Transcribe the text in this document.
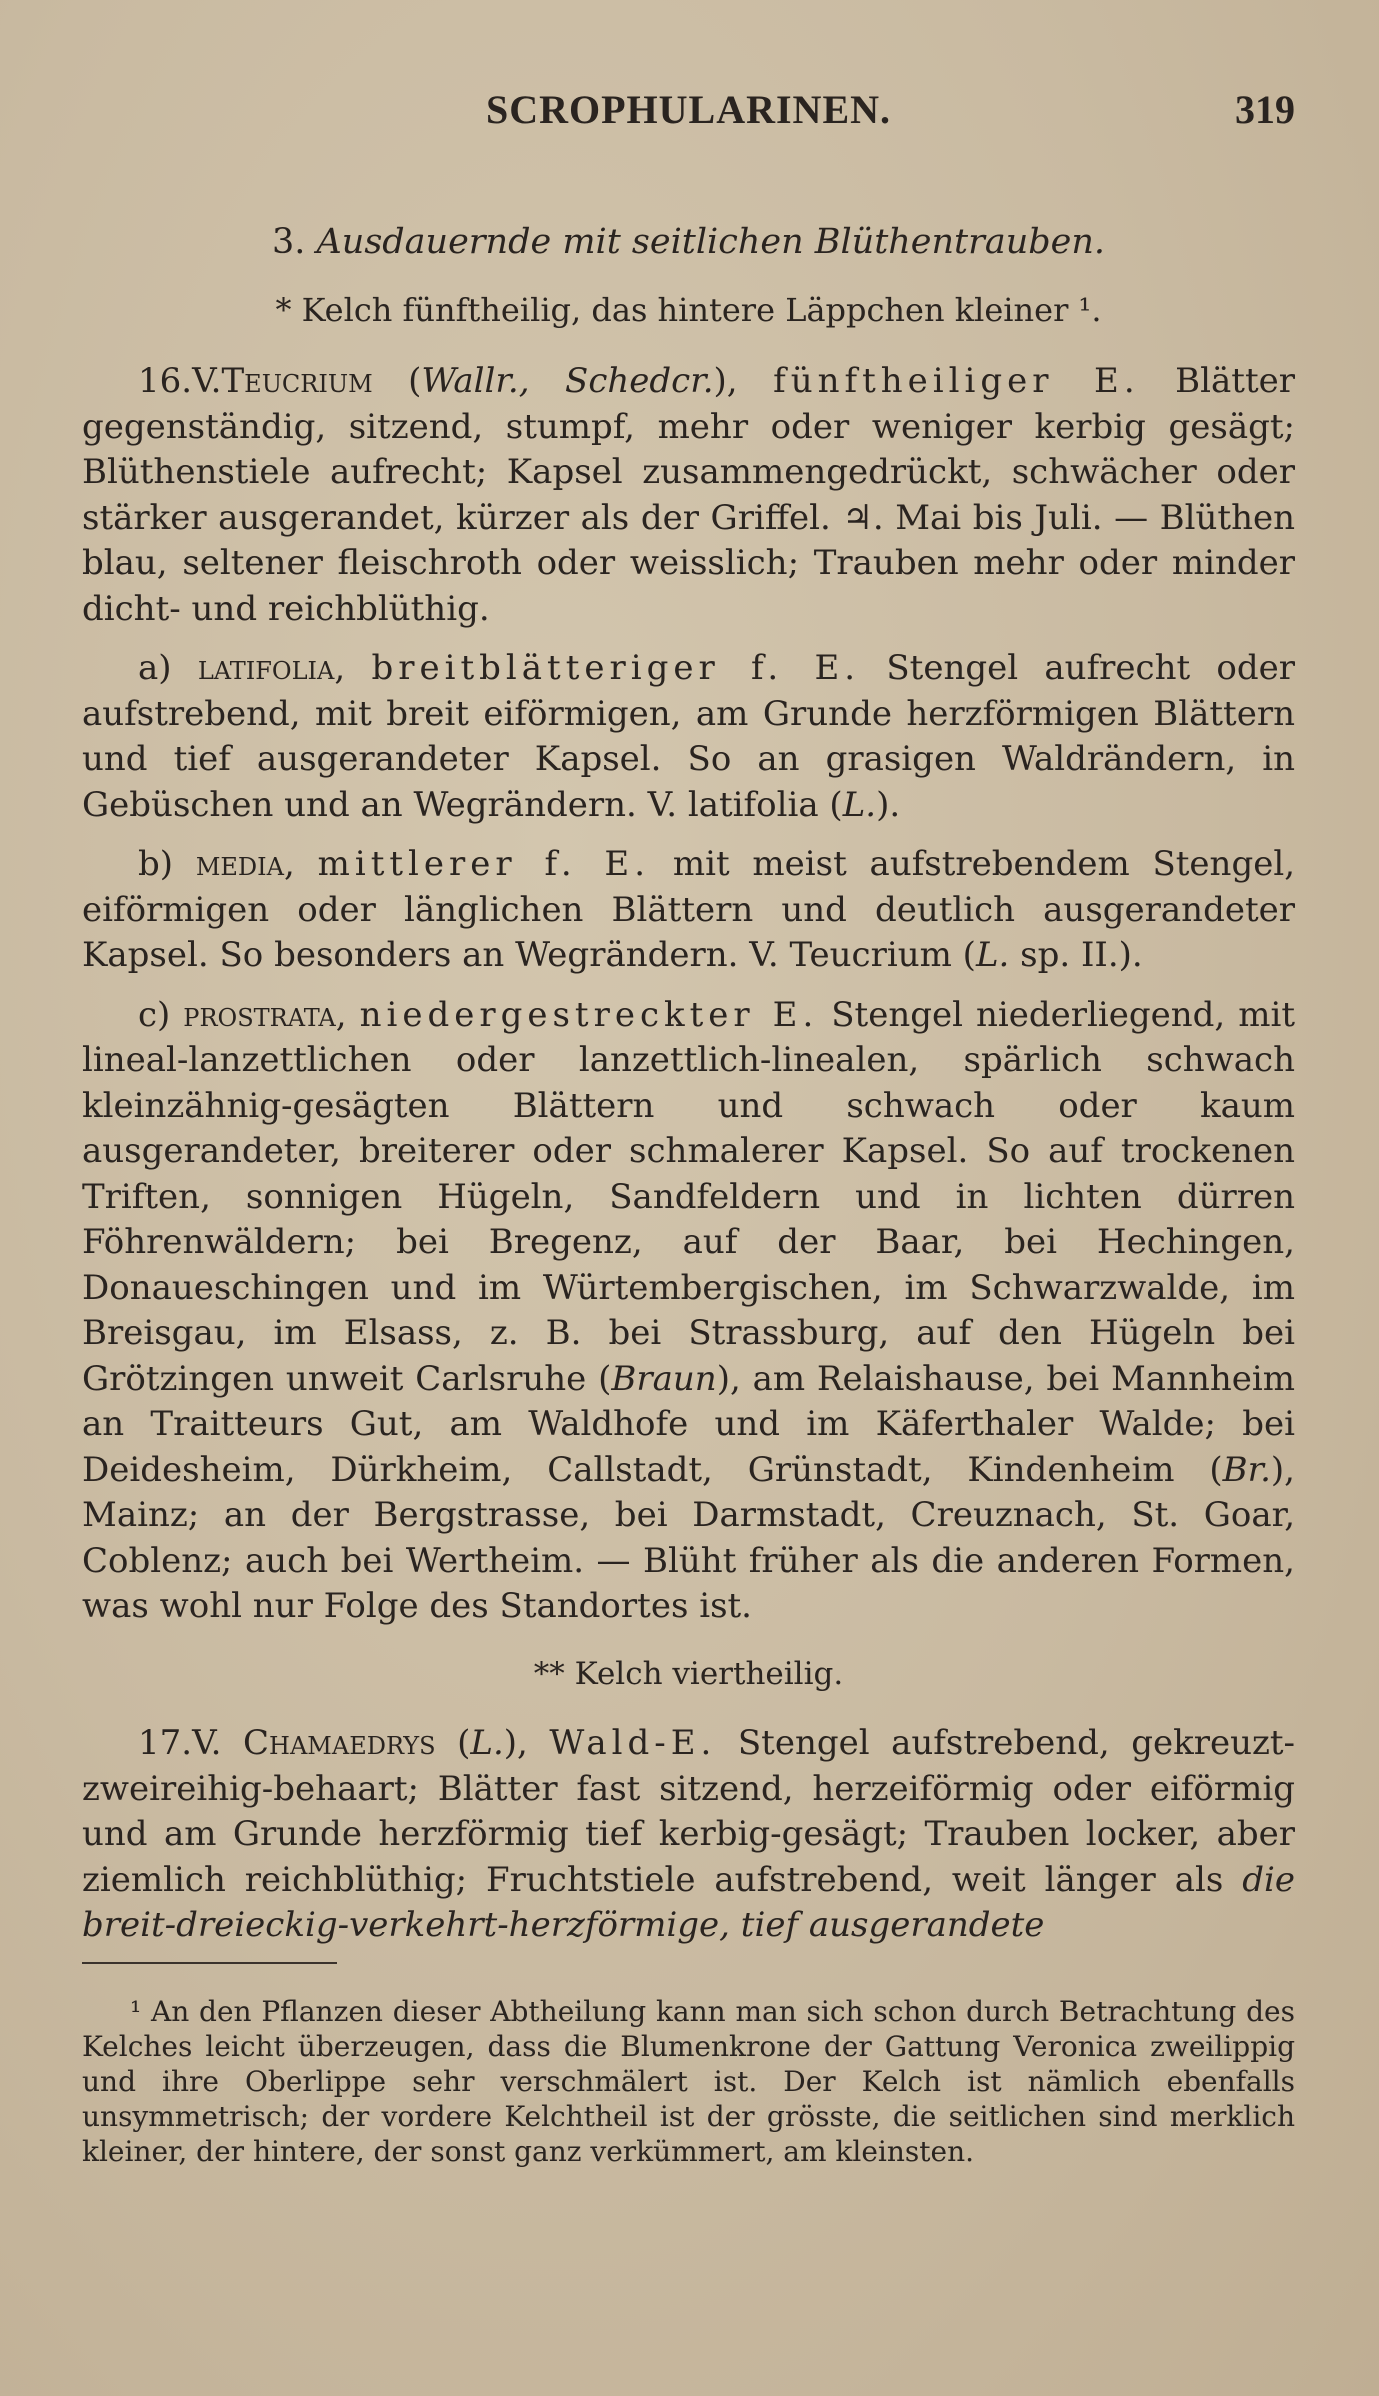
SCROPHULARINEN.	319
3. Ausdauernde mit seitlichen Blüthentrauben.
* Kelch fünftheilig, das hintere Läppchen kleiner ¹.

16.V.Teucrium (Wallr., Schedcr.), fünftheiliger E. Blätter gegenständig, sitzend, stumpf, mehr oder weniger kerbig gesägt; Blüthenstiele aufrecht; Kapsel zusammengedrückt, schwächer oder stärker ausgerandet, kürzer als der Griffel. ♃. Mai bis Juli. — Blüthen blau, seltener fleischroth oder weisslich; Trauben mehr oder minder dicht- und reichblüthig.

a) latifolia, breitblätteriger f. E. Stengel aufrecht oder aufstrebend, mit breit eiförmigen, am Grunde herzförmigen Blättern und tief ausgerandeter Kapsel. So an grasigen Waldrändern, in Gebüschen und an Wegrändern. V. latifolia (L.).

b) media, mittlerer f. E. mit meist aufstrebendem Stengel, eiförmigen oder länglichen Blättern und deutlich ausgerandeter Kapsel. So besonders an Wegrändern. V. Teucrium (L. sp. II.).

c) prostrata, niedergestreckter E. Stengel niederliegend, mit lineal-lanzettlichen oder lanzettlich-linealen, spärlich schwach kleinzähnig-gesägten Blättern und schwach oder kaum ausgerandeter, breiterer oder schmalerer Kapsel. So auf trockenen Triften, sonnigen Hügeln, Sandfeldern und in lichten dürren Föhrenwäldern; bei Bregenz, auf der Baar, bei Hechingen, Donaueschingen und im Würtembergischen, im Schwarzwalde, im Breisgau, im Elsass, z. B. bei Strassburg, auf den Hügeln bei Grötzingen unweit Carlsruhe (Braun), am Relaishause, bei Mannheim an Traitteurs Gut, am Waldhofe und im Käferthaler Walde; bei Deidesheim, Dürkheim, Callstadt, Grünstadt, Kindenheim (Br.), Mainz; an der Bergstrasse, bei Darmstadt, Creuznach, St. Goar, Coblenz; auch bei Wertheim. — Blüht früher als die anderen Formen, was wohl nur Folge des Standortes ist.

** Kelch viertheilig.

17.V. Chamaedrys (L.), Wald-E. Stengel aufstrebend, gekreuzt-zweireihig-behaart; Blätter fast sitzend, herzeiförmig oder eiförmig und am Grunde herzförmig tief kerbig-gesägt; Trauben locker, aber ziemlich reichblüthig; Fruchtstiele aufstrebend, weit länger als die breit-dreieckig-verkehrt-herzförmige, tief ausgerandete

¹ An den Pflanzen dieser Abtheilung kann man sich schon durch Betrachtung des Kelches leicht überzeugen, dass die Blumenkrone der Gattung Veronica zweilippig und ihre Oberlippe sehr verschmälert ist. Der Kelch ist nämlich ebenfalls unsymmetrisch; der vordere Kelchtheil ist der grösste, die seitlichen sind merklich kleiner, der hintere, der sonst ganz verkümmert, am kleinsten.
